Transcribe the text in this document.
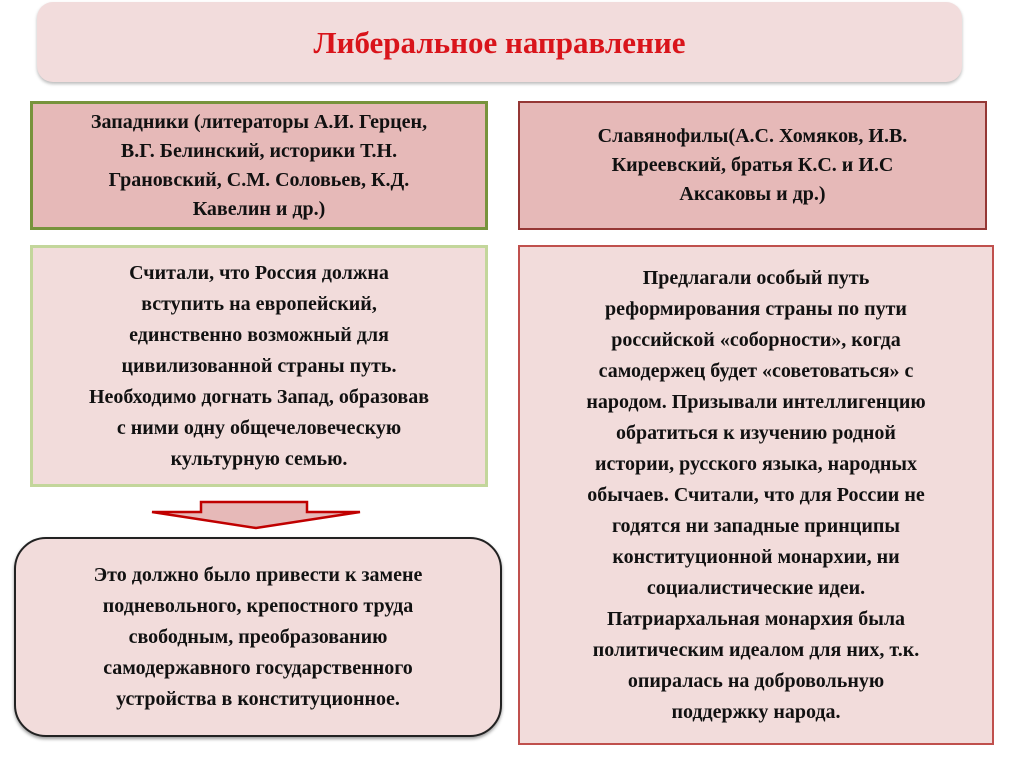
Либеральное направление
Западники (литераторы А.И. Герцен,
В.Г. Белинский, историки Т.Н.
Грановский, С.М. Соловьев, К.Д.
Кавелин и др.)
Славянофилы(А.С. Хомяков, И.В.
Киреевский, братья К.С. и И.С
Аксаковы и др.)
Считали, что Россия должна
вступить на европейский,
единственно возможный для
цивилизованной страны путь.
Необходимо догнать Запад, образовав
с ними одну общечеловеческую
культурную семью.
Это должно было привести к замене
подневольного, крепостного труда
свободным, преобразованию
самодержавного государственного
устройства в конституционное.
Предлагали особый путь
реформирования страны по пути
российской «соборности», когда
самодержец будет «советоваться» с
народом. Призывали интеллигенцию
обратиться к изучению родной
истории, русского языка, народных
обычаев. Считали, что для России не
годятся ни западные принципы
конституционной монархии, ни
социалистические идеи.
Патриархальная монархия была
политическим идеалом для них, т.к.
опиралась на добровольную
поддержку народа.
